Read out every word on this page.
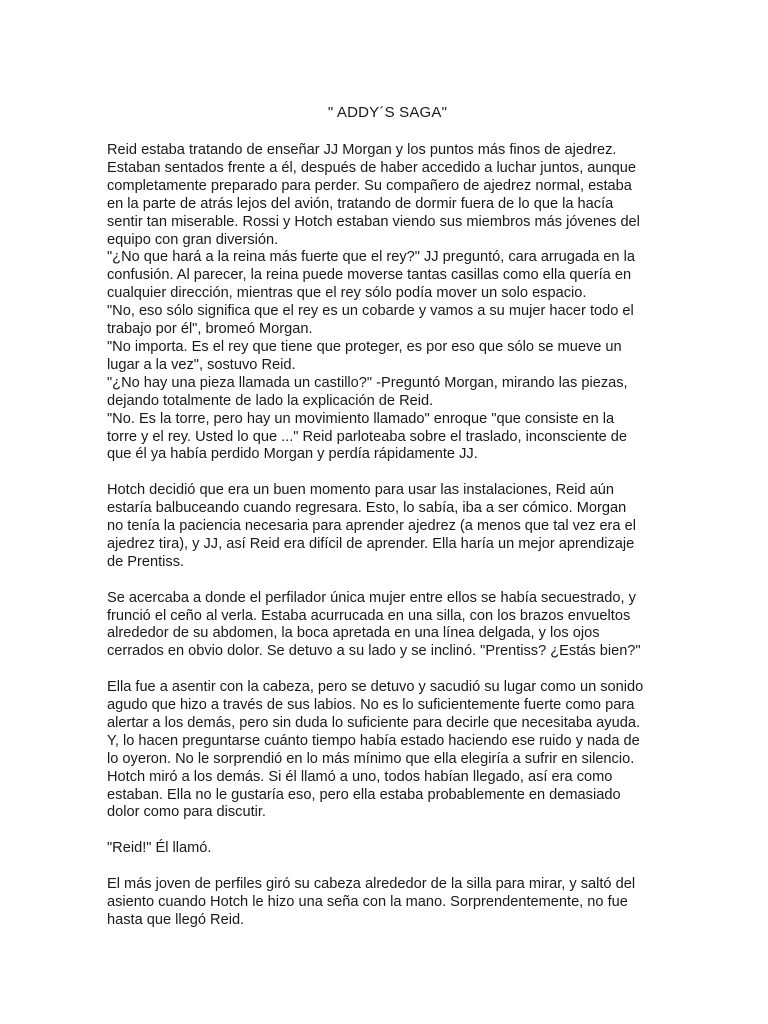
" ADDY´S SAGA"
Reid estaba tratando de enseñar JJ Morgan y los puntos más finos de ajedrez.
Estaban sentados frente a él, después de haber accedido a luchar juntos, aunque
completamente preparado para perder. Su compañero de ajedrez normal, estaba
en la parte de atrás lejos del avión, tratando de dormir fuera de lo que la hacía
sentir tan miserable. Rossi y Hotch estaban viendo sus miembros más jóvenes del
equipo con gran diversión.
"¿No que hará a la reina más fuerte que el rey?" JJ preguntó, cara arrugada en la
confusión. Al parecer, la reina puede moverse tantas casillas como ella quería en
cualquier dirección, mientras que el rey sólo podía mover un solo espacio.
"No, eso sólo significa que el rey es un cobarde y vamos a su mujer hacer todo el
trabajo por él", bromeó Morgan.
"No importa. Es el rey que tiene que proteger, es por eso que sólo se mueve un
lugar a la vez", sostuvo Reid.
"¿No hay una pieza llamada un castillo?" -Preguntó Morgan, mirando las piezas,
dejando totalmente de lado la explicación de Reid.
"No. Es la torre, pero hay un movimiento llamado" enroque "que consiste en la
torre y el rey. Usted lo que ..." Reid parloteaba sobre el traslado, inconsciente de
que él ya había perdido Morgan y perdía rápidamente JJ.
Hotch decidió que era un buen momento para usar las instalaciones, Reid aún
estaría balbuceando cuando regresara. Esto, lo sabía, iba a ser cómico. Morgan
no tenía la paciencia necesaria para aprender ajedrez (a menos que tal vez era el
ajedrez tira), y JJ, así Reid era difícil de aprender. Ella haría un mejor aprendizaje
de Prentiss.
Se acercaba a donde el perfilador única mujer entre ellos se había secuestrado, y
frunció el ceño al verla. Estaba acurrucada en una silla, con los brazos envueltos
alrededor de su abdomen, la boca apretada en una línea delgada, y los ojos
cerrados en obvio dolor. Se detuvo a su lado y se inclinó. "Prentiss? ¿Estás bien?"
Ella fue a asentir con la cabeza, pero se detuvo y sacudió su lugar como un sonido
agudo que hizo a través de sus labios. No es lo suficientemente fuerte como para
alertar a los demás, pero sin duda lo suficiente para decirle que necesitaba ayuda.
Y, lo hacen preguntarse cuánto tiempo había estado haciendo ese ruido y nada de
lo oyeron. No le sorprendió en lo más mínimo que ella elegiría a sufrir en silencio.
Hotch miró a los demás. Si él llamó a uno, todos habían llegado, así era como
estaban. Ella no le gustaría eso, pero ella estaba probablemente en demasiado
dolor como para discutir.
"Reid!" Él llamó.
El más joven de perfiles giró su cabeza alrededor de la silla para mirar, y saltó del
asiento cuando Hotch le hizo una seña con la mano. Sorprendentemente, no fue
hasta que llegó Reid.
